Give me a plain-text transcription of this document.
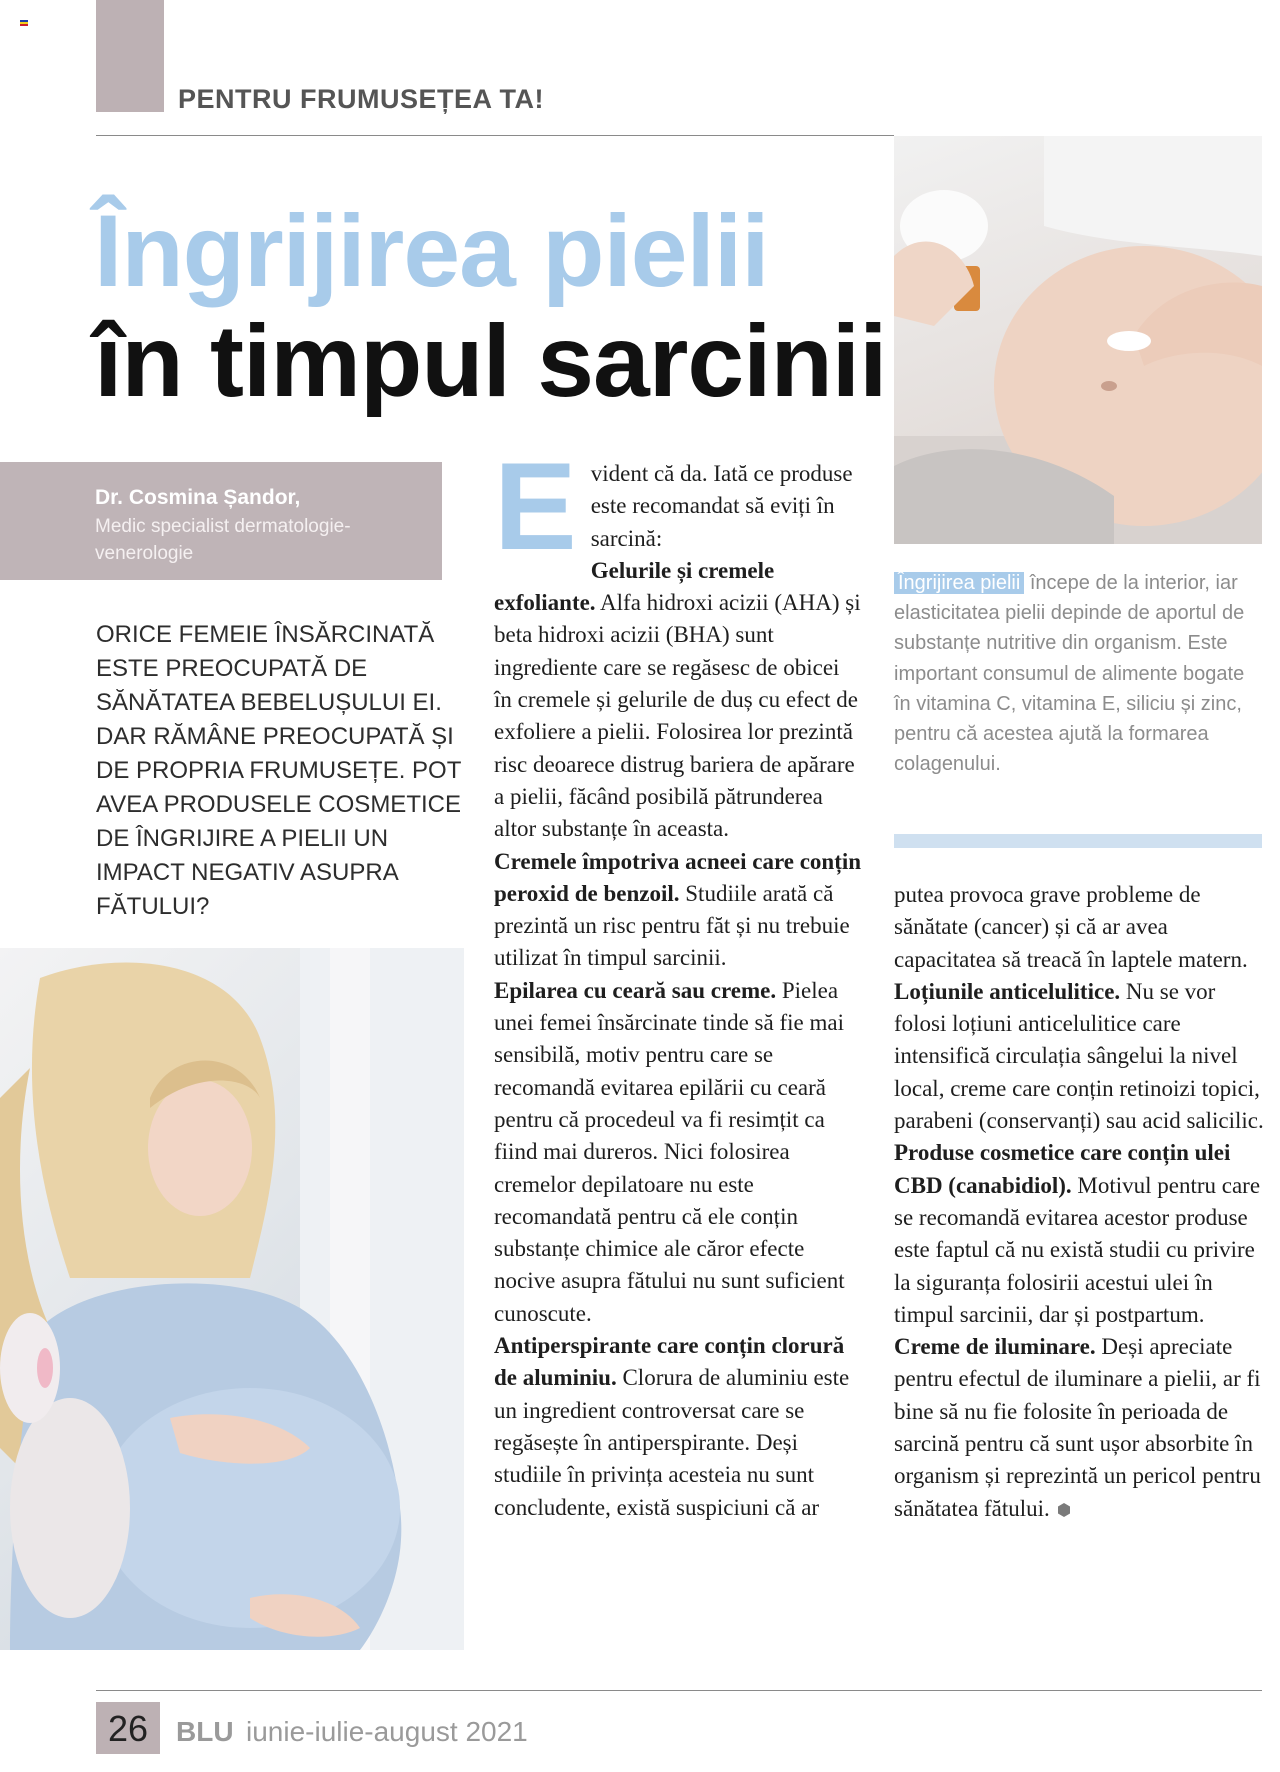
PENTRU FRUMUSEȚEA TA!
Îngrijirea pielii
în timpul sarcinii
Dr. Cosmina Șandor,
Medic specialist dermatologie-venerologie
ORICE FEMEIE ÎNSĂRCINATĂ ESTE PREOCUPATĂ DE SĂNĂTATEA BEBELUȘULUI EI. DAR RĂMÂNE PREOCUPATĂ ȘI DE PROPRIA FRUMUSEȚE. POT AVEA PRODUSELE COSMETICE DE ÎNGRIJIRE A PIELII UN IMPACT NEGATIV ASUPRA FĂTULUI?

Evident că da. Iată ce produse este recomandat să eviți în sarcină:

Gelurile și cremele exfoliante. Alfa hidroxi acizii (AHA) și beta hidroxi acizii (BHA) sunt ingrediente care se regăsesc de obicei în cremele și gelurile de duș cu efect de exfoliere a pielii. Folosirea lor prezintă risc deoarece distrug bariera de apărare a pielii, făcând posibilă pătrunderea altor substanțe în aceasta.

Cremele împotriva acneei care conțin peroxid de benzoil. Studiile arată că prezintă un risc pentru făt și nu trebuie utilizat în timpul sarcinii.

Epilarea cu ceară sau creme. Pielea unei femei însărcinate tinde să fie mai sensibilă, motiv pentru care se recomandă evitarea epilării cu ceară pentru că procedeul va fi resimțit ca fiind mai dureros. Nici folosirea cremelor depilatoare nu este recomandată pentru că ele conțin substanțe chimice ale căror efecte nocive asupra fătului nu sunt suficient cunoscute.

Antiperspirante care conțin clorură de aluminiu. Clorura de aluminiu este un ingredient controversat care se regăsește în antiperspirante. Deși studiile în privința acesteia nu sunt concludente, există suspiciuni că ar

Îngrijirea pielii începe de la interior, iar elasticitatea pielii depinde de aportul de substanțe nutritive din organism. Este important consumul de alimente bogate în vitamina C, vitamina E, siliciu și zinc, pentru că acestea ajută la formarea colagenului.

putea provoca grave probleme de sănătate (cancer) și că ar avea capacitatea să treacă în laptele matern.

Loțiunile anticelulitice. Nu se vor folosi loțiuni anticelulitice care intensifică circulația sângelui la nivel local, creme care conțin retinoizi topici, parabeni (conservanți) sau acid salicilic.

Produse cosmetice care conțin ulei CBD (canabidiol). Motivul pentru care se recomandă evitarea acestor produse este faptul că nu există studii cu privire la siguranța folosirii acestui ulei în timpul sarcinii, dar și postpartum.

Creme de iluminare. Deși apreciate pentru efectul de iluminare a pielii, ar fi bine să nu fie folosite în perioada de sarcină pentru că sunt ușor absorbite în organism și reprezintă un pericol pentru sănătatea fătului.

26 BLU iunie-iulie-august 2021
